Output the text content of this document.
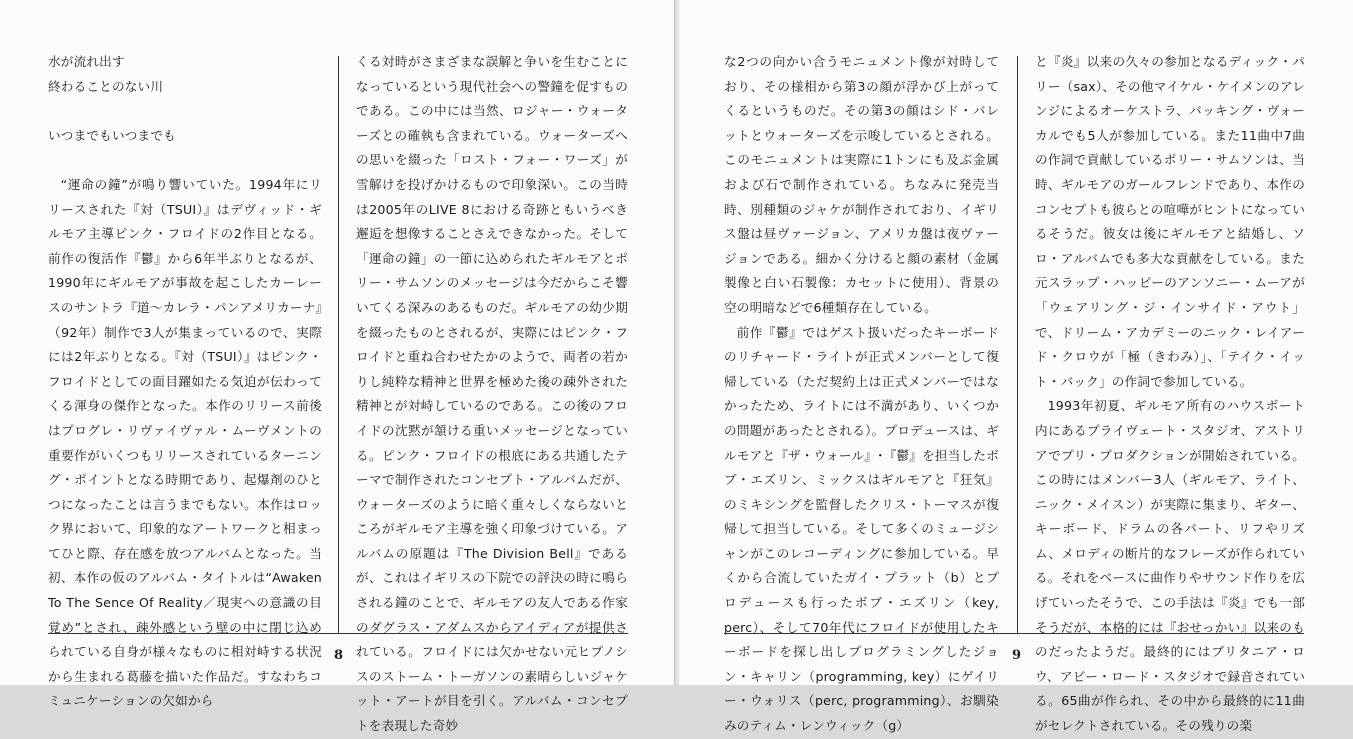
水が流れ出す
終わることのない川

いつまでもいつまでも

“運命の鐘”が鳴り響いていた。1994年にリリースされた『対（TSUI）』はデヴィッド・ギルモア主導ピンク・フロイドの2作目となる。前作の復活作『鬱』から6年半ぶりとなるが、1990年にギルモアが事故を起こしたカーレースのサントラ『道～カレラ・パンアメリカーナ』（92年）制作で3人が集まっているので、実際には2年ぶりとなる。『対（TSUI）』はピンク・フロイドとしての面目躍如たる気迫が伝わってくる渾身の傑作となった。本作のリリース前後はプログレ・リヴァイヴァル・ムーヴメントの重要作がいくつもリリースされているターニング・ポイントとなる時期であり、起爆剤のひとつになったことは言うまでもない。本作はロック界において、印象的なアートワークと相まってひと際、存在感を放つアルバムとなった。当初、本作の仮のアルバム・タイトルは“Awaken To The Sence Of Reality／現実への意識の目覚め”とされ、疎外感という壁の中に閉じ込められている自身が様々なものに相対峙する状況から生まれる葛藤を描いた作品だ。すなわちコミュニケーションの欠如から

くる対時がさまざまな誤解と争いを生むことになっているという現代社会への警鐘を促すものである。この中には当然、ロジャー・ウォーターズとの確執も含まれている。ウォーターズへの思いを綴った「ロスト・フォー・ワーズ」が雪解けを投げかけるもので印象深い。この当時は2005年のLIVE 8における奇跡ともいうべき邂逅を想像することさえできなかった。そして「運命の鐘」の一節に込められたギルモアとポリー・サムソンのメッセージは今だからこそ響いてくる深みのあるものだ。ギルモアの幼少期を綴ったものとされるが、実際にはピンク・フロイドと重ね合わせたかのようで、両者の若かりし純粋な精神と世界を極めた後の疎外された精神とが対峙しているのである。この後のフロイドの沈黙が頷ける重いメッセージとなっている。ピンク・フロイドの根底にある共通したテーマで制作されたコンセプト・アルバムだが、ウォーターズのように暗く重々しくならないところがギルモア主導を強く印象づけている。アルバムの原題は『The Division Bell』であるが、これはイギリスの下院での評決の時に鳴らされる鐘のことで、ギルモアの友人である作家のダグラス・アダムスからアイディアが提供されている。フロイドには欠かせない元ヒプノシスのストーム・トーガソンの素晴らしいジャケット・アートが目を引く。アルバム・コンセプトを表現した奇妙

8

な2つの向かい合うモニュメント像が対時しており、その様相から第3の顔が浮かび上がってくるというものだ。その第3の顔はシド・バレットとウォーターズを示唆しているとされる。このモニュメントは実際に1トンにも及ぶ金属および石で制作されている。ちなみに発売当時、別種類のジャケが制作されており、イギリス盤は昼ヴァージョン、アメリカ盤は夜ヴァージョンである。細かく分けると顔の素材（金属製像と白い石製像：カセットに使用）、背景の空の明暗などで6種類存在している。

前作『鬱』ではゲスト扱いだったキーボードのリチャード・ライトが正式メンバーとして復帰している（ただ契約上は正式メンバーではなかったため、ライトには不満があり、いくつかの問題があったとされる）。プロデュースは、ギルモアと『ザ・ウォール』･『鬱』を担当したボブ・エズリン、ミックスはギルモアと『狂気』のミキシングを監督したクリス・トーマスが復帰して担当している。そして多くのミュージシャンがこのレコーディングに参加している。早くから合流していたガイ・プラット（b）とプロデュースも行ったボブ・エズリン（key, perc）、そして70年代にフロイドが使用したキーボードを探し出しプログラミングしたジョン・キャリン（programming, key）にゲイリー・ウォリス（perc, programming）、お馴染みのティム・レンウィック（g）

と『炎』以来の久々の参加となるディック・パリー（sax）、その他マイケル・ケイメンのアレンジによるオーケストラ、バッキング・ヴォーカルでも5人が参加している。また11曲中7曲の作詞で貢献しているポリー・サムソンは、当時、ギルモアのガールフレンドであり、本作のコンセプトも彼らとの喧嘩がヒントになっているそうだ。彼女は後にギルモアと結婚し、ソロ・アルバムでも多大な貢献をしている。また元スラップ・ハッピーのアンソニー・ムーアが「ウェアリング・ジ・インサイド・アウト」で、ドリーム・アカデミーのニック・レイアード・クロウが「極（きわみ）」、「テイク・イット・バック」の作詞で参加している。

1993年初夏、ギルモア所有のハウスボート内にあるプライヴェート・スタジオ、アストリアでプリ・プロダクションが開始されている。この時にはメンバー3人（ギルモア、ライト、ニック・メイスン）が実際に集まり、ギター、キーボード、ドラムの各パート、リフやリズム、メロディの断片的なフレーズが作られている。それをベースに曲作りやサウンド作りを広げていったそうで、この手法は『炎』でも一部そうだが、本格的には『おせっかい』以来のものだったようだ。最終的にはブリタニア・ロウ、アビー・ロード・スタジオで録音されている。65曲が作られ、その中から最終的に11曲がセレクトされている。その残りの楽

9
